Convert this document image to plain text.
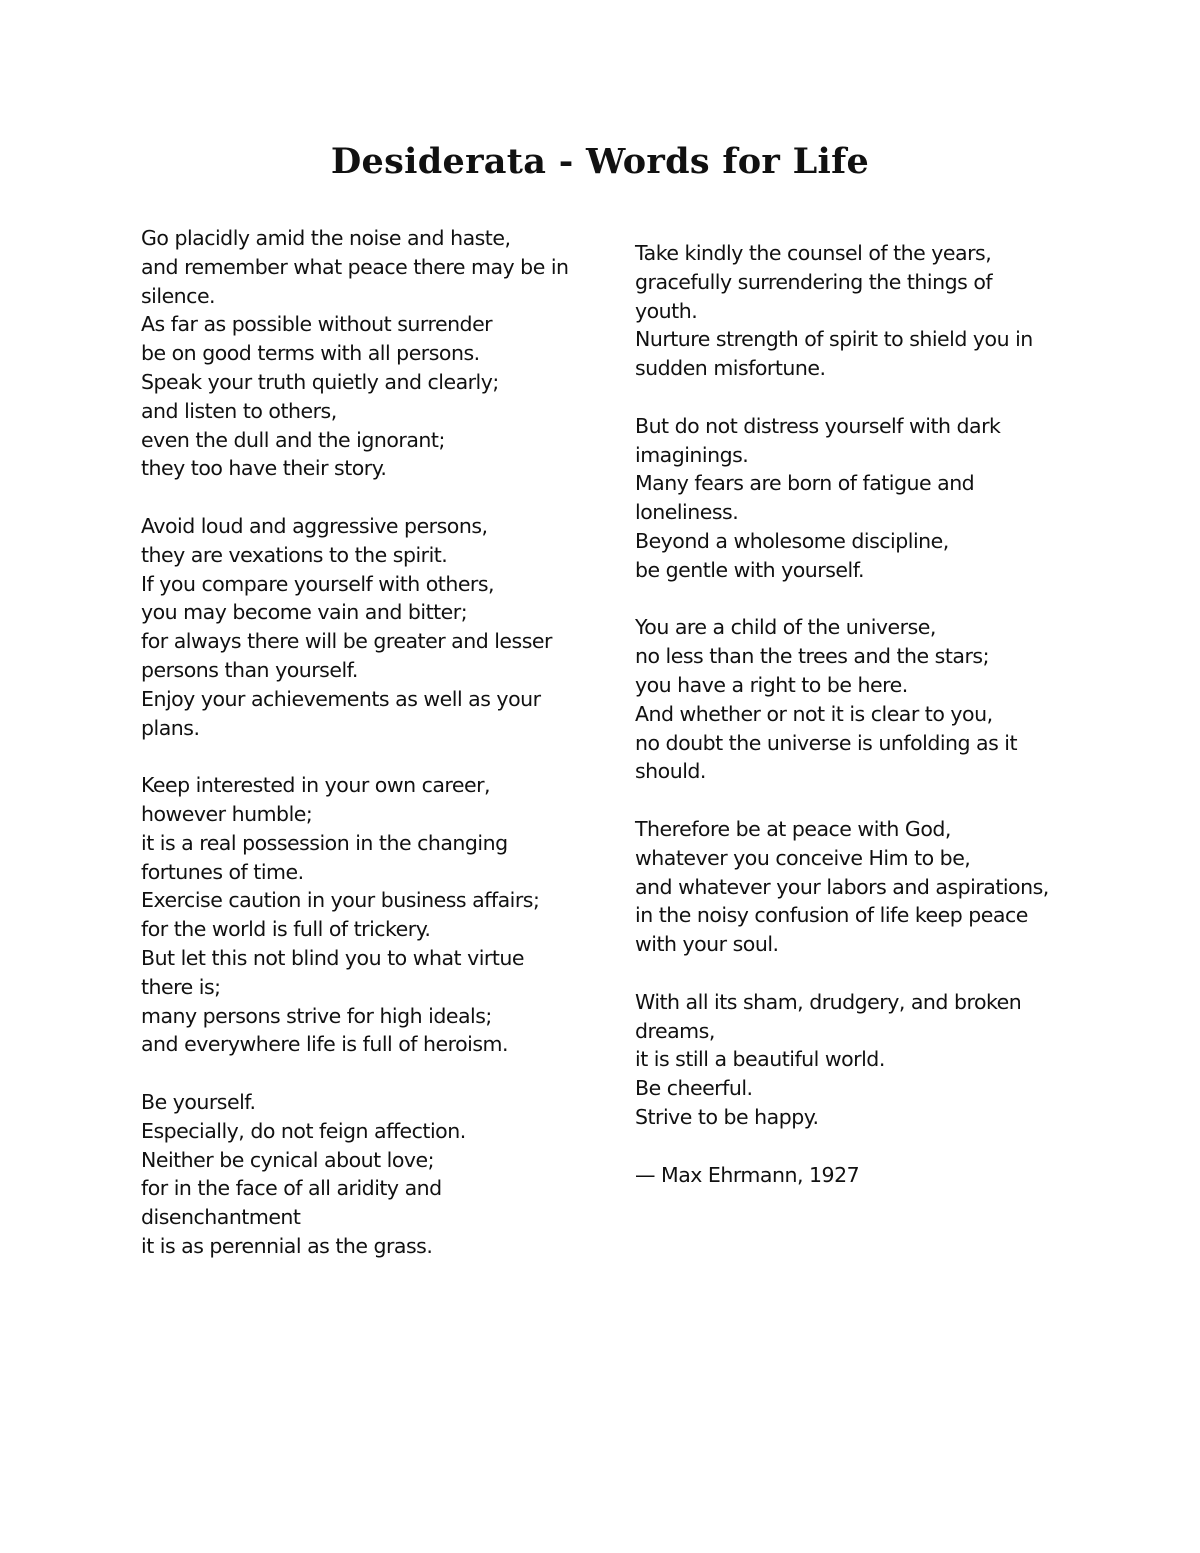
Desiderata - Words for Life
Go placidly amid the noise and haste,
and remember what peace there may be in
silence.
As far as possible without surrender
be on good terms with all persons.
Speak your truth quietly and clearly;
and listen to others,
even the dull and the ignorant;
they too have their story.
Avoid loud and aggressive persons,
they are vexations to the spirit.
If you compare yourself with others,
you may become vain and bitter;
for always there will be greater and lesser
persons than yourself.
Enjoy your achievements as well as your
plans.
Keep interested in your own career,
however humble;
it is a real possession in the changing
fortunes of time.
Exercise caution in your business affairs;
for the world is full of trickery.
But let this not blind you to what virtue
there is;
many persons strive for high ideals;
and everywhere life is full of heroism.
Be yourself.
Especially, do not feign affection.
Neither be cynical about love;
for in the face of all aridity and
disenchantment
it is as perennial as the grass.
Take kindly the counsel of the years,
gracefully surrendering the things of
youth.
Nurture strength of spirit to shield you in
sudden misfortune.
But do not distress yourself with dark
imaginings.
Many fears are born of fatigue and
loneliness.
Beyond a wholesome discipline,
be gentle with yourself.
You are a child of the universe,
no less than the trees and the stars;
you have a right to be here.
And whether or not it is clear to you,
no doubt the universe is unfolding as it
should.
Therefore be at peace with God,
whatever you conceive Him to be,
and whatever your labors and aspirations,
in the noisy confusion of life keep peace
with your soul.
With all its sham, drudgery, and broken
dreams,
it is still a beautiful world.
Be cheerful.
Strive to be happy.
— Max Ehrmann, 1927
